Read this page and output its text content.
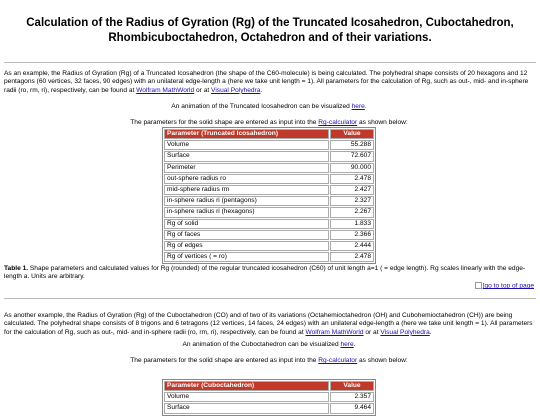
Calculation of the Radius of Gyration (Rg) of the Truncated Icosahedron, Cuboctahedron,
Rhombicuboctahedron, Octahedron and of their variations.
As an example, the Radius of Gyration (Rg) of a Truncated Icosahedron (the shape of the C60-molecule) is being calculated. The polyhedral shape consists of 20 hexagons and 12 pentagons (60 vertices, 32 faces, 90 edges) with an unilateral edge-length a (here we take unit length = 1). All parameters for the calculation of Rg, such as out-, mid- and in-sphere radii (ro, rm, ri), respectively, can be found at Wolfram MathWorld or at Visual Polyhedra.
An animation of the Truncated Icosahedron can be visualized here.
The parameters for the solid shape are entered as input into the Rg-calculator as shown below:
Parameter (Truncated Icosahedron)	Value
Volume	55.288
Surface	72.607
Perimeter	90.000
out-sphere radius ro	2.478
mid-sphere radius rm	2.427
in-sphere radius ri (pentagons)	2.327
in-sphere radius ri (hexagons)	2.267
Rg of solid	1.833
Rg of faces	2.366
Rg of edges	2.444
Rg of vertices ( = ro)	2.478
Table 1. Shape parameters and calculated values for Rg (rounded) of the regular truncated icosahedron (C60) of unit length a=1 ( = edge length). Rg scales linearly with the edge-length a. Units are arbitrary.
[go to top of page
As another example, the Radius of Gyration (Rg) of the Cuboctahedron (CO) and of two of its variations (Octahemioctahedron (OH) and Cubohemioctahedron (CH)) are being calculated. The polyhedral shape consists of 8 trigons and 6 tetragons (12 vertices, 14 faces, 24 edges) with an unilateral edge-length a (here we take unit length = 1). All parameters for the calculation of Rg, such as out-, mid- and in-sphere radii (ro, rm, ri), respectively, can be found at Wolfram MathWorld or at Visual Polyhedra.
An animation of the Cuboctahedron can be visualized here.
The parameters for the solid shape are entered as input into the Rg-calculator as shown below:
Parameter (Cuboctahedron)	Value
Volume	2.357
Surface	9.464
